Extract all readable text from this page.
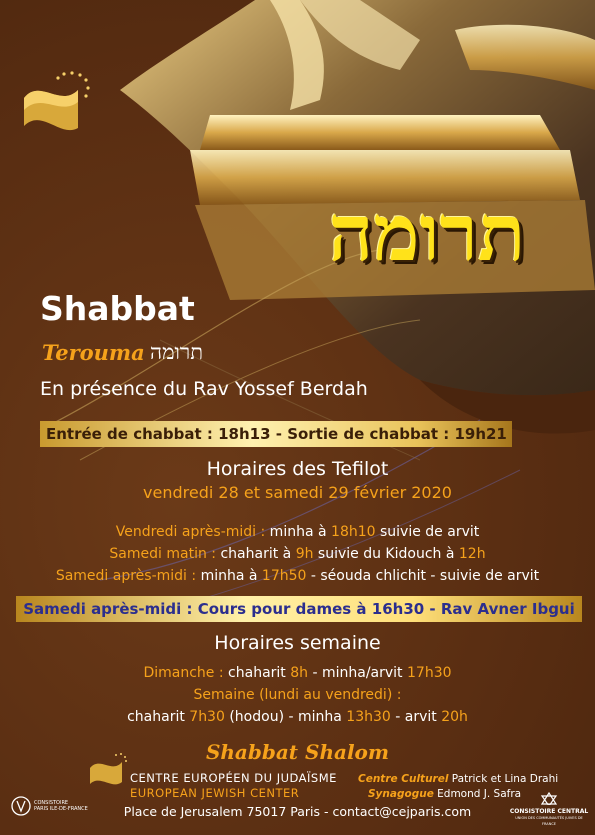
תרומה
Shabbat
Terouma תרומה
En présence du Rav Yossef Berdah
Entrée de chabbat : 18h13 - Sortie de chabbat : 19h21
Horaires des Tefilot
vendredi 28 et samedi 29 février 2020
Vendredi après-midi : minha à 18h10 suivie de arvit
Samedi matin : chaharit à 9h suivie du Kidouch à 12h
Samedi après-midi : minha à 17h50 - séouda chlichit - suivie de arvit
Samedi après-midi : Cours pour dames à 16h30 - Rav Avner Ibgui
Horaires semaine
Dimanche : chaharit 8h - minha/arvit 17h30
Semaine (lundi au vendredi) :
chaharit 7h30 (hodou) - minha 13h30 - arvit 20h
Shabbat Shalom
CENTRE EUROPÉEN DU JUDAÏSME
EUROPEAN JEWISH CENTER
Centre Culturel Patrick et Lina Drahi
Synagogue Edmond J. Safra
CONSISTOIRE
PARIS ILE-DE-FRANCE	Place de Jerusalem 75017 Paris - contact@cejparis.com	CONSISTOIRE CENTRAL
UNION DES COMMUNAUTÉS JUIVES DE FRANCE
